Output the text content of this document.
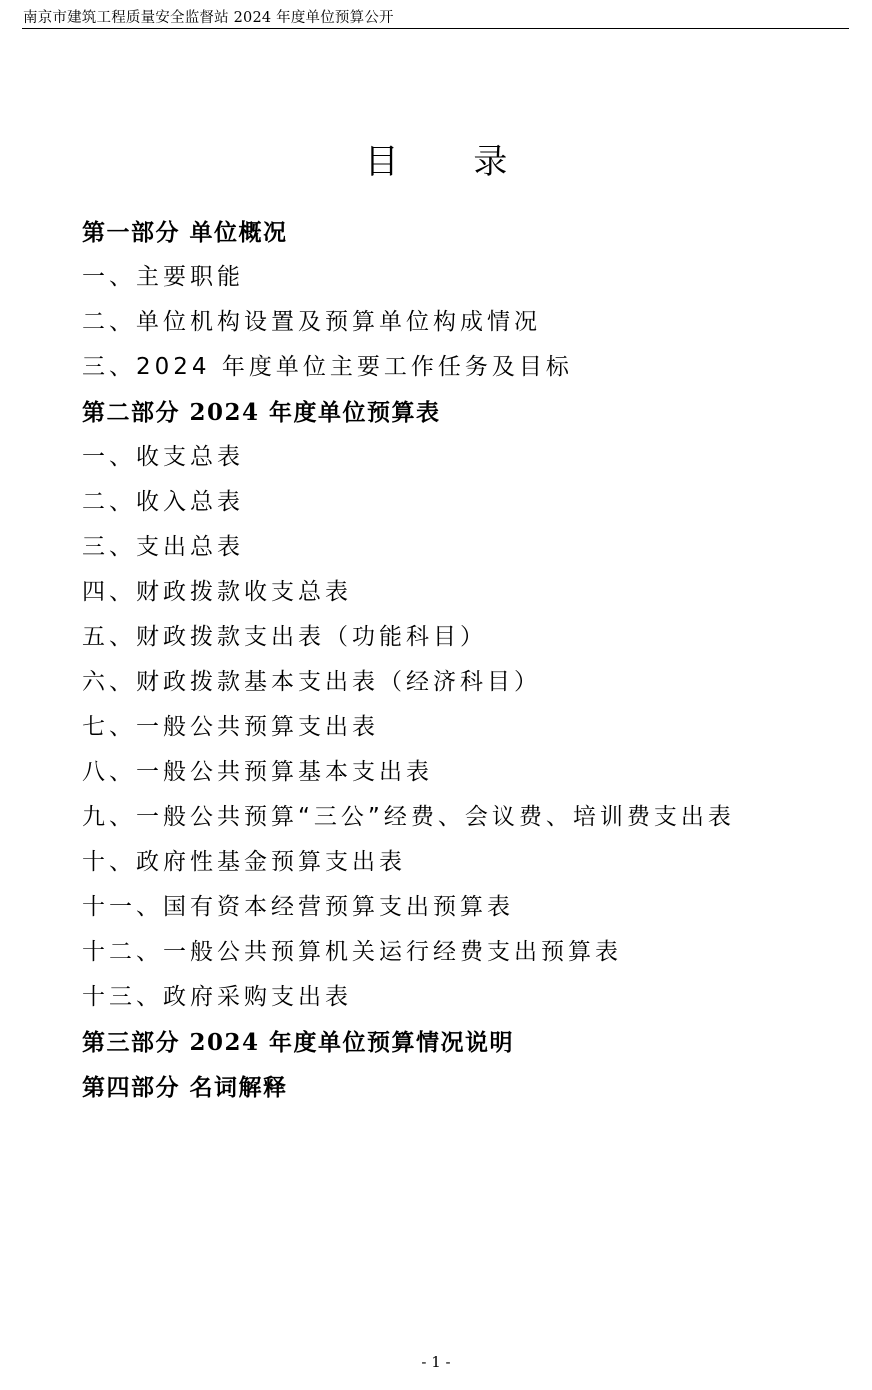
南京市建筑工程质量安全监督站 2024 年度单位预算公开
目 录
第一部分 单位概况
一、主要职能
二、单位机构设置及预算单位构成情况
三、2024 年度单位主要工作任务及目标
第二部分 2024 年度单位预算表
一、收支总表
二、收入总表
三、支出总表
四、财政拨款收支总表
五、财政拨款支出表（功能科目）
六、财政拨款基本支出表（经济科目）
七、一般公共预算支出表
八、一般公共预算基本支出表
九、一般公共预算“三公”经费、会议费、培训费支出表
十、政府性基金预算支出表
十一、国有资本经营预算支出预算表
十二、一般公共预算机关运行经费支出预算表
十三、政府采购支出表
第三部分 2024 年度单位预算情况说明
第四部分 名词解释
- 1 -
